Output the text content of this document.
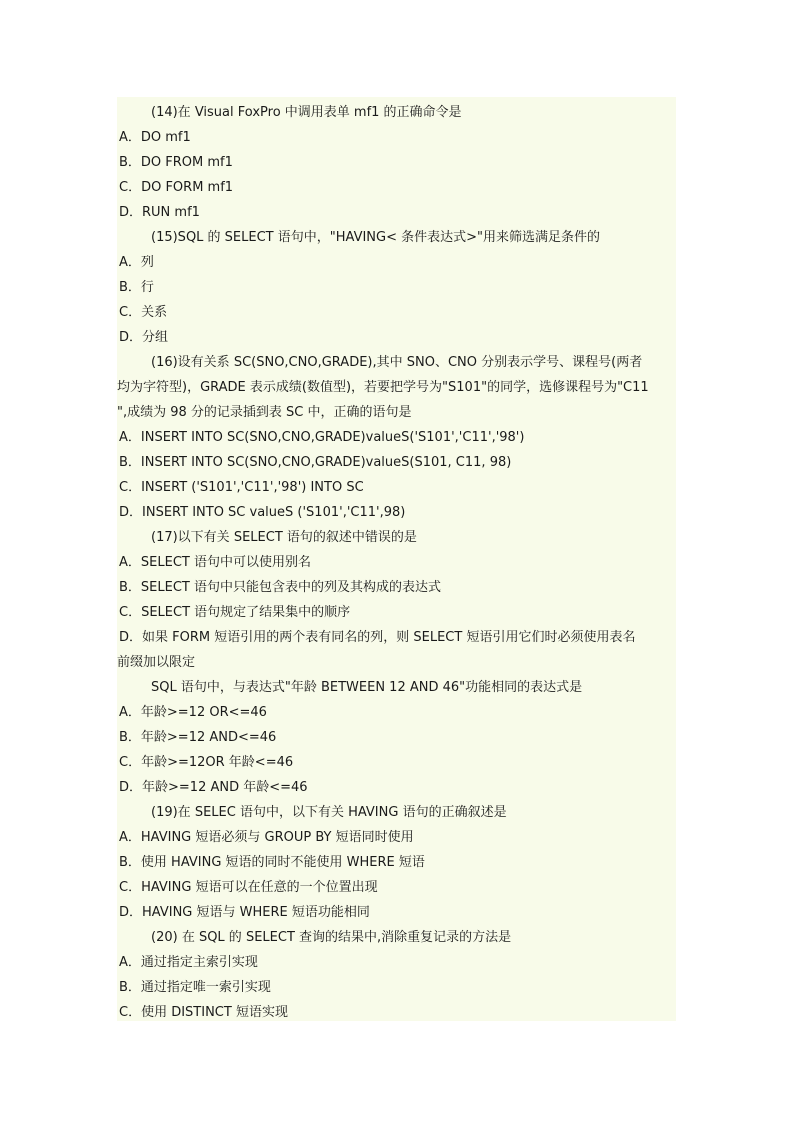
(14)在 Visual FoxPro 中调用表单 mf1 的正确命令是
A．DO mf1
B．DO FROM mf1
C．DO FORM mf1
D．RUN mf1
(15)SQL 的 SELECT 语句中，"HAVING< 条件表达式>"用来筛选满足条件的
A．列
B．行
C．关系
D．分组
(16)设有关系 SC(SNO,CNO,GRADE),其中 SNO、CNO 分别表示学号、课程号(两者
均为字符型)，GRADE 表示成绩(数值型)，若要把学号为"S101"的同学，选修课程号为"C11
",成绩为 98 分的记录插到表 SC 中，正确的语句是
A．INSERT INTO SC(SNO,CNO,GRADE)valueS('S101','C11','98')
B．INSERT INTO SC(SNO,CNO,GRADE)valueS(S101, C11, 98)
C．INSERT ('S101','C11','98') INTO SC
D．INSERT INTO SC valueS ('S101','C11',98)
(17)以下有关 SELECT 语句的叙述中错误的是
A．SELECT 语句中可以使用别名
B．SELECT 语句中只能包含表中的列及其构成的表达式
C．SELECT 语句规定了结果集中的顺序
D．如果 FORM 短语引用的两个表有同名的列，则 SELECT 短语引用它们时必须使用表名
前缀加以限定
SQL 语句中，与表达式"年龄 BETWEEN 12 AND 46"功能相同的表达式是
A．年龄>=12 OR<=46
B．年龄>=12 AND<=46
C．年龄>=12OR 年龄<=46
D．年龄>=12 AND 年龄<=46
(19)在 SELEC 语句中，以下有关 HAVING 语句的正确叙述是
A．HAVING 短语必须与 GROUP BY 短语同时使用
B．使用 HAVING 短语的同时不能使用 WHERE 短语
C．HAVING 短语可以在任意的一个位置出现
D．HAVING 短语与 WHERE 短语功能相同
(20) 在 SQL 的 SELECT 查询的结果中,消除重复记录的方法是
A．通过指定主索引实现
B．通过指定唯一索引实现
C．使用 DISTINCT 短语实现
